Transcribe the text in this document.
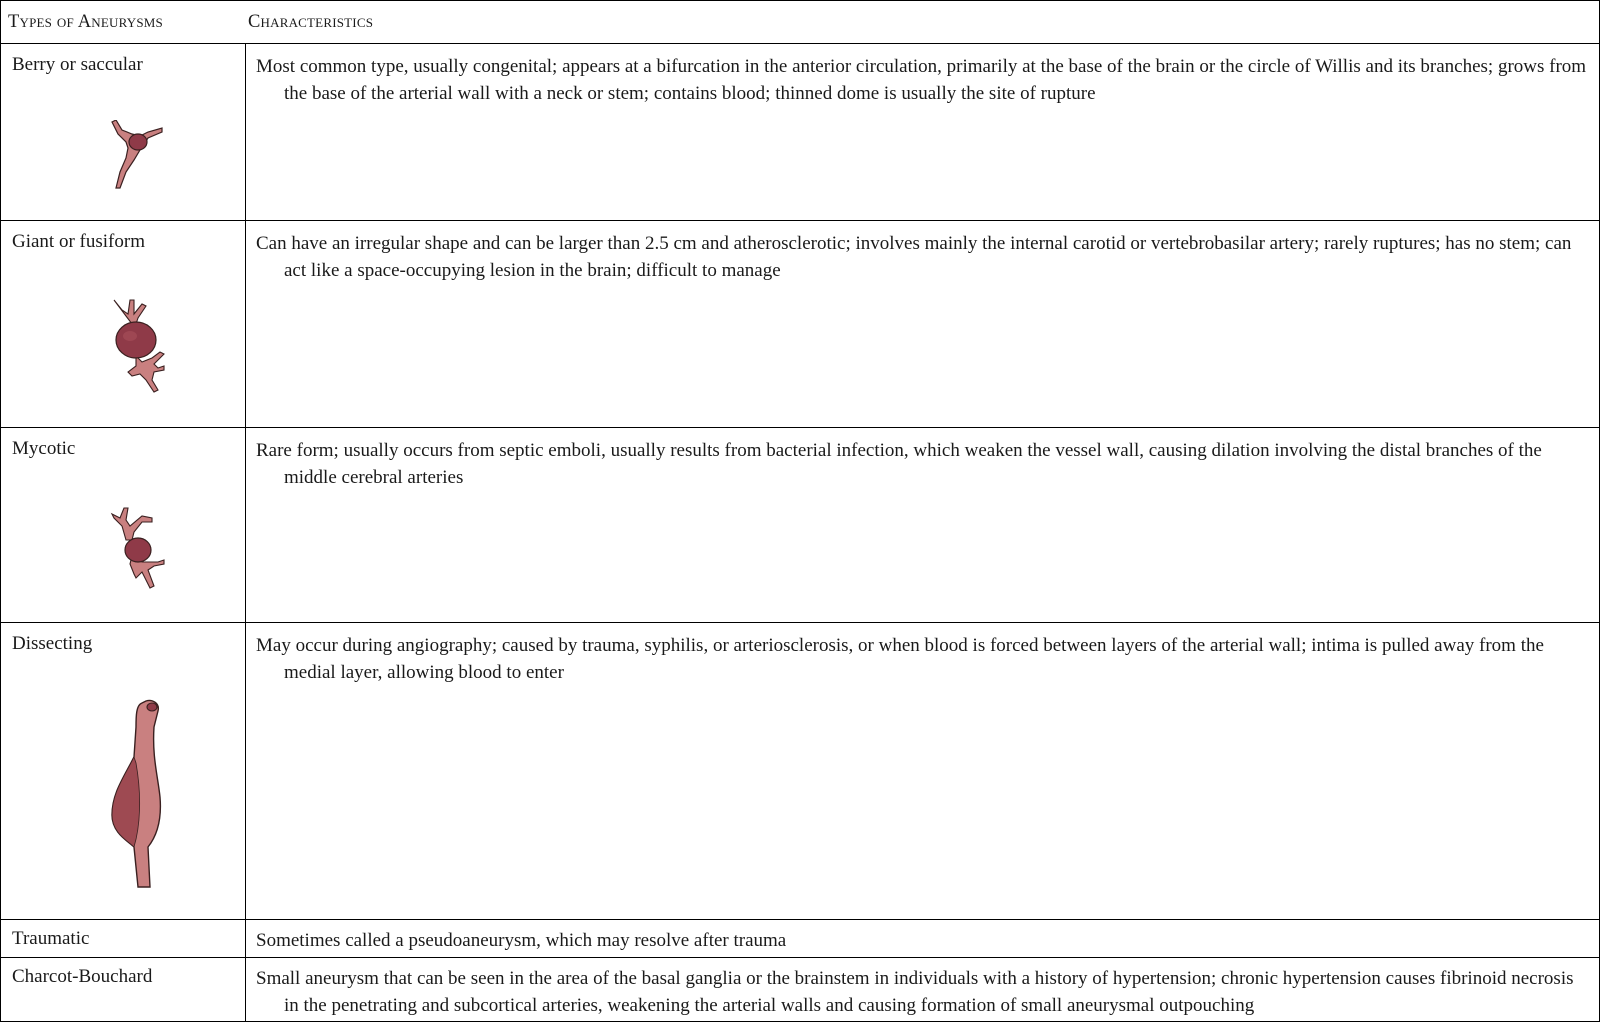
Types of Aneurysms	Characteristics
Berry or saccular	Most common type, usually congenital; appears at a bifurcation in the anterior circulation, primarily at the base of the brain or the circle of Willis and its branches; grows from the base of the arterial wall with a neck or stem; contains blood; thinned dome is usually the site of rupture
Giant or fusiform	Can have an irregular shape and can be larger than 2.5 cm and atherosclerotic; involves mainly the internal carotid or vertebrobasilar artery; rarely ruptures; has no stem; can act like a space-occupying lesion in the brain; difficult to manage
Mycotic	Rare form; usually occurs from septic emboli, usually results from bacterial infection, which weaken the vessel wall, causing dilation involving the distal branches of the middle cerebral arteries
Dissecting	May occur during angiography; caused by trauma, syphilis, or arteriosclerosis, or when blood is forced between layers of the arterial wall; intima is pulled away from the medial layer, allowing blood to enter
Traumatic	Sometimes called a pseudoaneurysm, which may resolve after trauma
Charcot-Bouchard	Small aneurysm that can be seen in the area of the basal ganglia or the brainstem in individuals with a history of hypertension; chronic hypertension causes fibrinoid necrosis in the penetrating and subcortical arteries, weakening the arterial walls and causing formation of small aneurysmal outpouching
